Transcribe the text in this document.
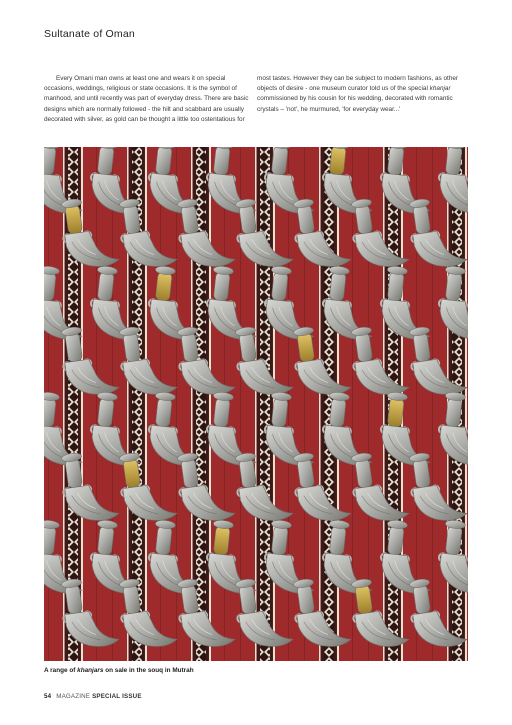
Sultanate of Oman

Every Omani man owns at least one and wears it on special occasions, weddings, religious or state occasions. It is the symbol of manhood, and until recently was part of everyday dress. There are basic designs which are normally followed - the hilt and scabbard are usually decorated with silver, as gold can be thought a little too ostentatious for

most tastes. However they can be subject to modern fashions, as other objects of desire - one museum curator told us of the special khanjar commissioned by his cousin for his wedding, decorated with romantic crystals – 'not', he murmured, 'for everyday wear...'

A range of khanjars on sale in the souq in Mutrah
54 MAGAZINE SPECIAL ISSUE
